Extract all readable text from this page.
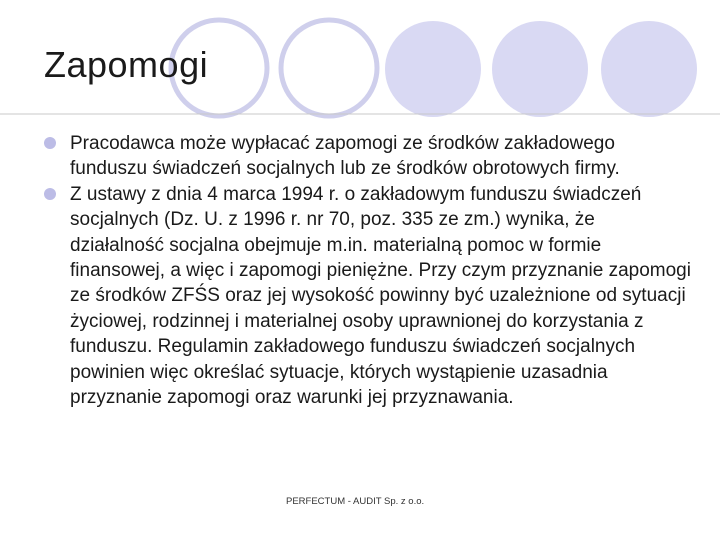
Zapomogi
Pracodawca może wypłacać zapomogi ze środków zakładowego funduszu świadczeń socjalnych lub ze środków obrotowych firmy.
Z ustawy z dnia 4 marca 1994 r. o zakładowym funduszu świadczeń socjalnych (Dz. U. z 1996 r. nr 70, poz. 335 ze zm.) wynika, że działalność socjalna obejmuje m.in. materialną pomoc w formie finansowej, a więc i zapomogi pieniężne. Przy czym przyznanie zapomogi ze środków ZFŚS oraz jej wysokość powinny być uzależnione od sytuacji życiowej, rodzinnej i materialnej osoby uprawnionej do korzystania z funduszu. Regulamin zakładowego funduszu świadczeń socjalnych powinien więc określać sytuacje, których wystąpienie uzasadnia przyznanie zapomogi oraz warunki jej przyznawania.
PERFECTUM - AUDIT Sp. z o.o.
